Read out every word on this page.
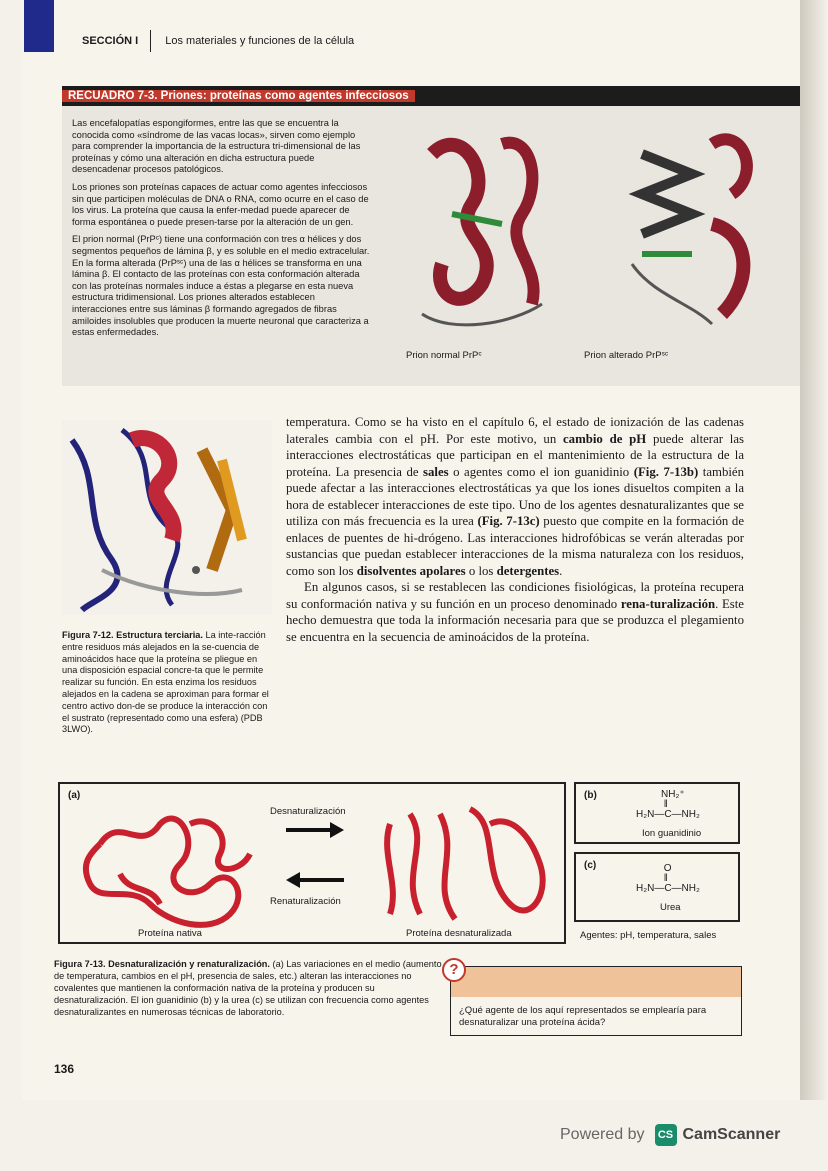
SECCIÓN I	Los materiales y funciones de la célula
RECUADRO 7-3. Priones: proteínas como agentes infecciosos

Las encefalopatías espongiformes, entre las que se encuentra la conocida como «síndrome de las vacas locas», sirven como ejemplo para comprender la importancia de la estructura tri-dimensional de las proteínas y cómo una alteración en dicha estructura puede desencadenar procesos patológicos.

Los priones son proteínas capaces de actuar como agentes infecciosos sin que participen moléculas de DNA o RNA, como ocurre en el caso de los virus. La proteína que causa la enfer-medad puede aparecer de forma espontánea o puede presen-tarse por la alteración de un gen.

El prion normal (PrPᶜ) tiene una conformación con tres α hélices y dos segmentos pequeños de lámina β, y es soluble en el medio extracelular. En la forma alterada (PrPˢᶜ) una de las α hélices se transforma en una lámina β. El contacto de las proteínas con esta conformación alterada con las proteínas normales induce a éstas a plegarse en esta nueva estructura tridimensional. Los priones alterados establecen interacciones entre sus láminas β formando agregados de fibras amiloides insolubles que producen la muerte neuronal que caracteriza a estas enfermedades.

Prion normal PrPᶜ	Prion alterado PrPˢᶜ
Figura 7-12. Estructura terciaria. La inte-racción entre residuos más alejados en la se-cuencia de aminoácidos hace que la proteína se pliegue en una disposición espacial concre-ta que le permite realizar su función. En esta enzima los residuos alejados en la cadena se aproximan para formar el centro activo don-de se produce la interacción con el sustrato (representado como una esfera) (PDB 3LWO).

temperatura. Como se ha visto en el capítulo 6, el estado de ionización de las cadenas laterales cambia con el pH. Por este motivo, un cambio de pH puede alterar las interacciones electrostáticas que participan en el mantenimiento de la estructura de la proteína. La presencia de sales o agentes como el ion guanidinio (Fig. 7-13b) también puede afectar a las interacciones electrostáticas ya que los iones disueltos compiten a la hora de establecer interacciones de este tipo. Uno de los agentes desnaturalizantes que se utiliza con más frecuencia es la urea (Fig. 7-13c) puesto que compite en la formación de enlaces de puentes de hi-drógeno. Las interacciones hidrofóbicas se verán alteradas por sustancias que puedan establecer interacciones de la misma naturaleza con los residuos, como son los disolventes apolares o los detergentes.

En algunos casos, si se restablecen las condiciones fisiológicas, la proteína recupera su conformación nativa y su función en un proceso denominado rena-turalización. Este hecho demuestra que toda la información necesaria para que se produzca el plegamiento se encuentra en la secuencia de aminoácidos de la proteína.

(a)
Desnaturalización
Renaturalización
Proteína nativa	Proteína desnaturalizada
(b)	NH₂⁺
‖
H₂N—C—NH₂
Ion guanidinio
(c)	O
‖
H₂N—C—NH₂
Urea
Agentes: pH, temperatura, sales
Figura 7-13. Desnaturalización y renaturalización. (a) Las variaciones en el medio (aumento de temperatura, cambios en el pH, presencia de sales, etc.) alteran las interacciones no covalentes que mantienen la conformación nativa de la proteína y producen su desnaturalización. El ion guanidinio (b) y la urea (c) se utilizan con frecuencia como agentes desnaturalizantes en numerosas técnicas de laboratorio.	¿Qué agente de los aquí representados se emplearía para desnaturalizar una proteína ácida?
?
136
Powered by	CS CamScanner
